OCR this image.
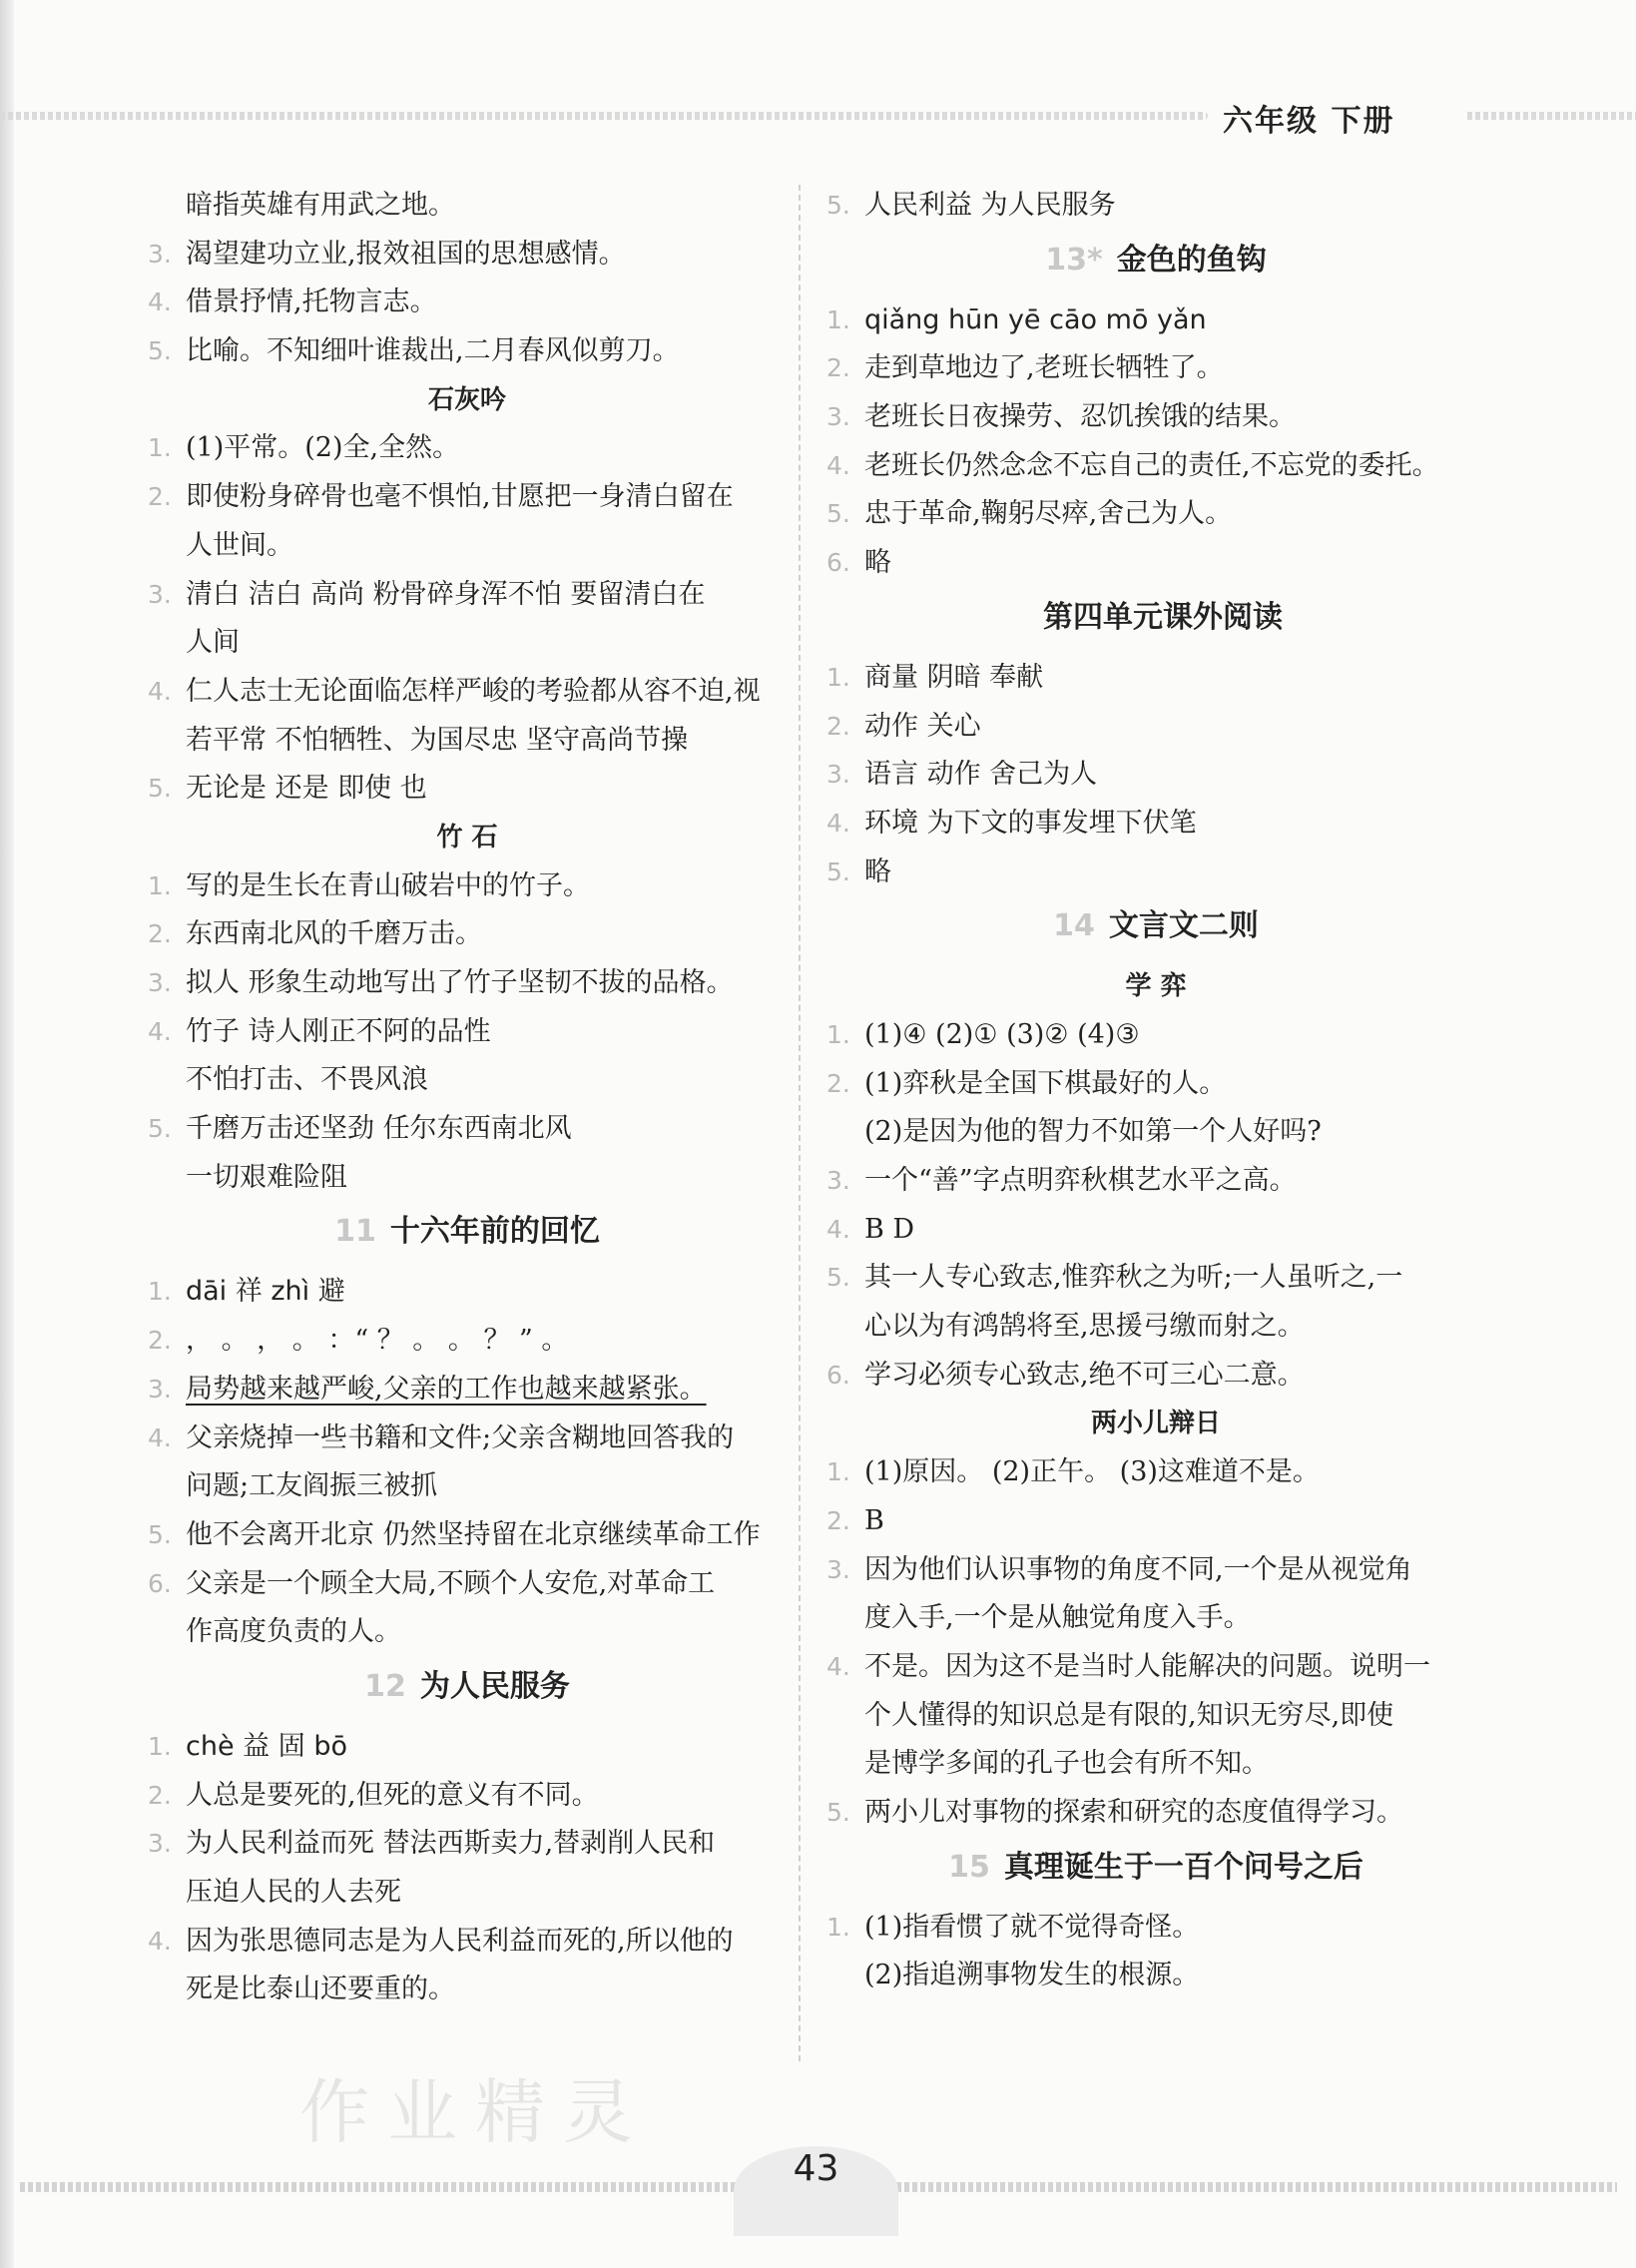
六年级 下册
暗指英雄有用武之地。
3. 渴望建功立业,报效祖国的思想感情。
4. 借景抒情,托物言志。
5. 比喻。不知细叶谁裁出,二月春风似剪刀。
石灰吟
1. (1)平常。(2)全,全然。
2. 即使粉身碎骨也毫不惧怕,甘愿把一身清白留在
人世间。
3. 清白 洁白 高尚 粉骨碎身浑不怕 要留清白在
人间
4. 仁人志士无论面临怎样严峻的考验都从容不迫,视
若平常 不怕牺牲、为国尽忠 坚守高尚节操
5. 无论是 还是 即使 也
竹 石
1. 写的是生长在青山破岩中的竹子。
2. 东西南北风的千磨万击。
3. 拟人 形象生动地写出了竹子坚韧不拔的品格。
4. 竹子 诗人刚正不阿的品性
不怕打击、不畏风浪
5. 千磨万击还坚劲 任尔东西南北风
一切艰难险阻
11 十六年前的回忆
1. dāi 祥 zhì 避
2. ， 。 ， 。 ：“ ？ 。 。 ？ ” 。
3. 局势越来越严峻,父亲的工作也越来越紧张。
4. 父亲烧掉一些书籍和文件;父亲含糊地回答我的
问题;工友阎振三被抓
5. 他不会离开北京 仍然坚持留在北京继续革命工作
6. 父亲是一个顾全大局,不顾个人安危,对革命工
作高度负责的人。
12 为人民服务
1. chè 益 固 bō
2. 人总是要死的,但死的意义有不同。
3. 为人民利益而死 替法西斯卖力,替剥削人民和
压迫人民的人去死
4. 因为张思德同志是为人民利益而死的,所以他的
死是比泰山还要重的。
5. 人民利益 为人民服务
13* 金色的鱼钩
1. qiǎng hūn yē cāo mō yǎn
2. 走到草地边了,老班长牺牲了。
3. 老班长日夜操劳、忍饥挨饿的结果。
4. 老班长仍然念念不忘自己的责任,不忘党的委托。
5. 忠于革命,鞠躬尽瘁,舍己为人。
6. 略
第四单元课外阅读
1. 商量 阴暗 奉献
2. 动作 关心
3. 语言 动作 舍己为人
4. 环境 为下文的事发埋下伏笔
5. 略
14 文言文二则
学 弈
1. (1)④ (2)① (3)② (4)③
2. (1)弈秋是全国下棋最好的人。
(2)是因为他的智力不如第一个人好吗?
3. 一个“善”字点明弈秋棋艺水平之高。
4. B D
5. 其一人专心致志,惟弈秋之为听;一人虽听之,一
心以为有鸿鹄将至,思援弓缴而射之。
6. 学习必须专心致志,绝不可三心二意。
两小儿辩日
1. (1)原因。 (2)正午。 (3)这难道不是。
2. B
3. 因为他们认识事物的角度不同,一个是从视觉角
度入手,一个是从触觉角度入手。
4. 不是。因为这不是当时人能解决的问题。说明一
个人懂得的知识总是有限的,知识无穷尽,即使
是博学多闻的孔子也会有所不知。
5. 两小儿对事物的探索和研究的态度值得学习。
15 真理诞生于一百个问号之后
1. (1)指看惯了就不觉得奇怪。
(2)指追溯事物发生的根源。
作业精灵
43
